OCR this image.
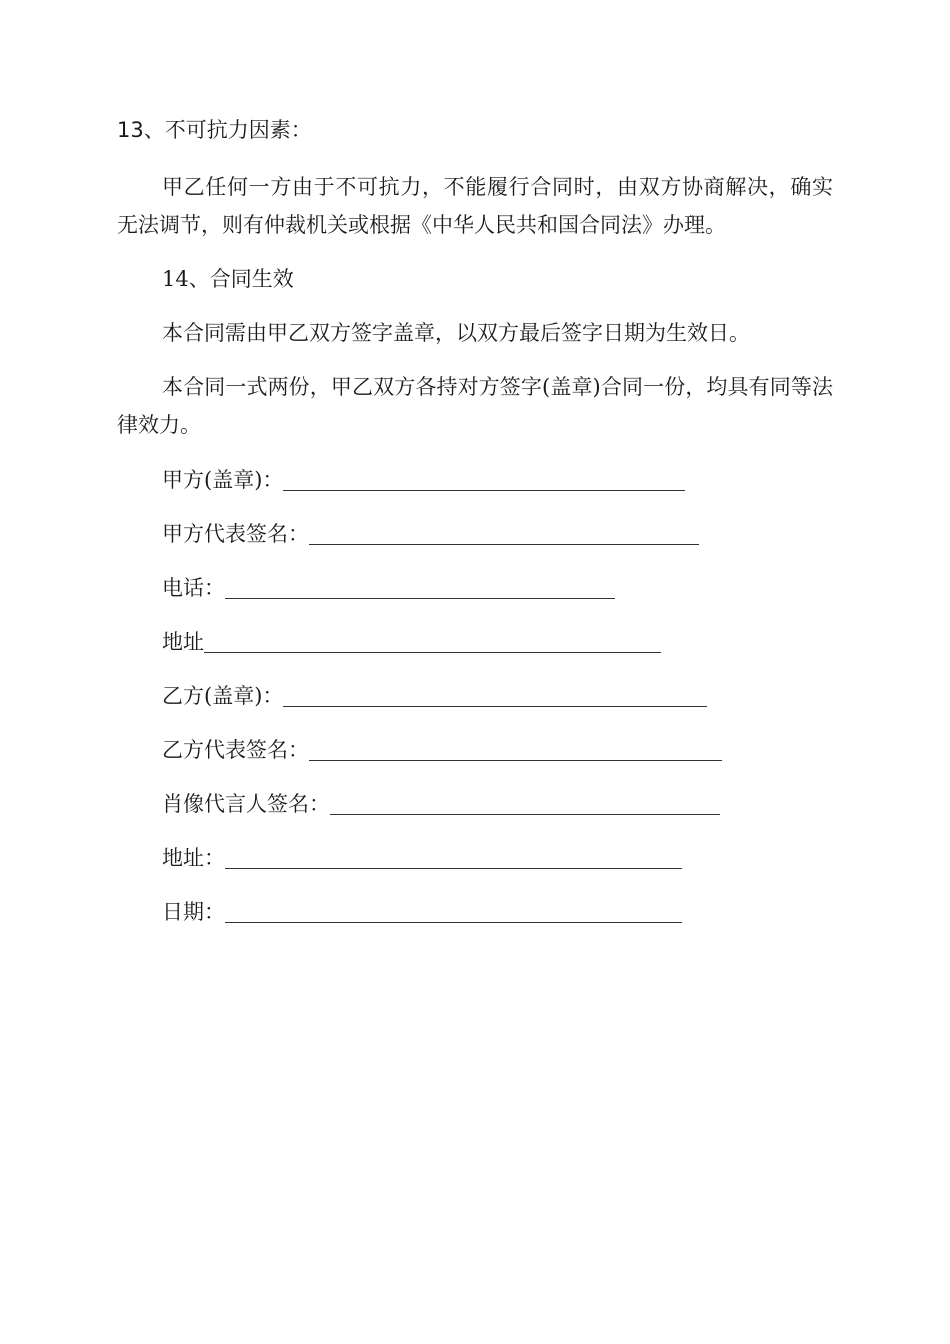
13、不可抗力因素：
甲乙任何一方由于不可抗力，不能履行合同时，由双方协商解决，确实无法调节，则有仲裁机关或根据《中华人民共和国合同法》办理。
14、合同生效
本合同需由甲乙双方签字盖章，以双方最后签字日期为生效日。
本合同一式两份，甲乙双方各持对方签字(盖章)合同一份，均具有同等法律效力。
甲方(盖章)：
甲方代表签名：
电话：
地址
乙方(盖章)：
乙方代表签名：
肖像代言人签名：
地址：
日期：
